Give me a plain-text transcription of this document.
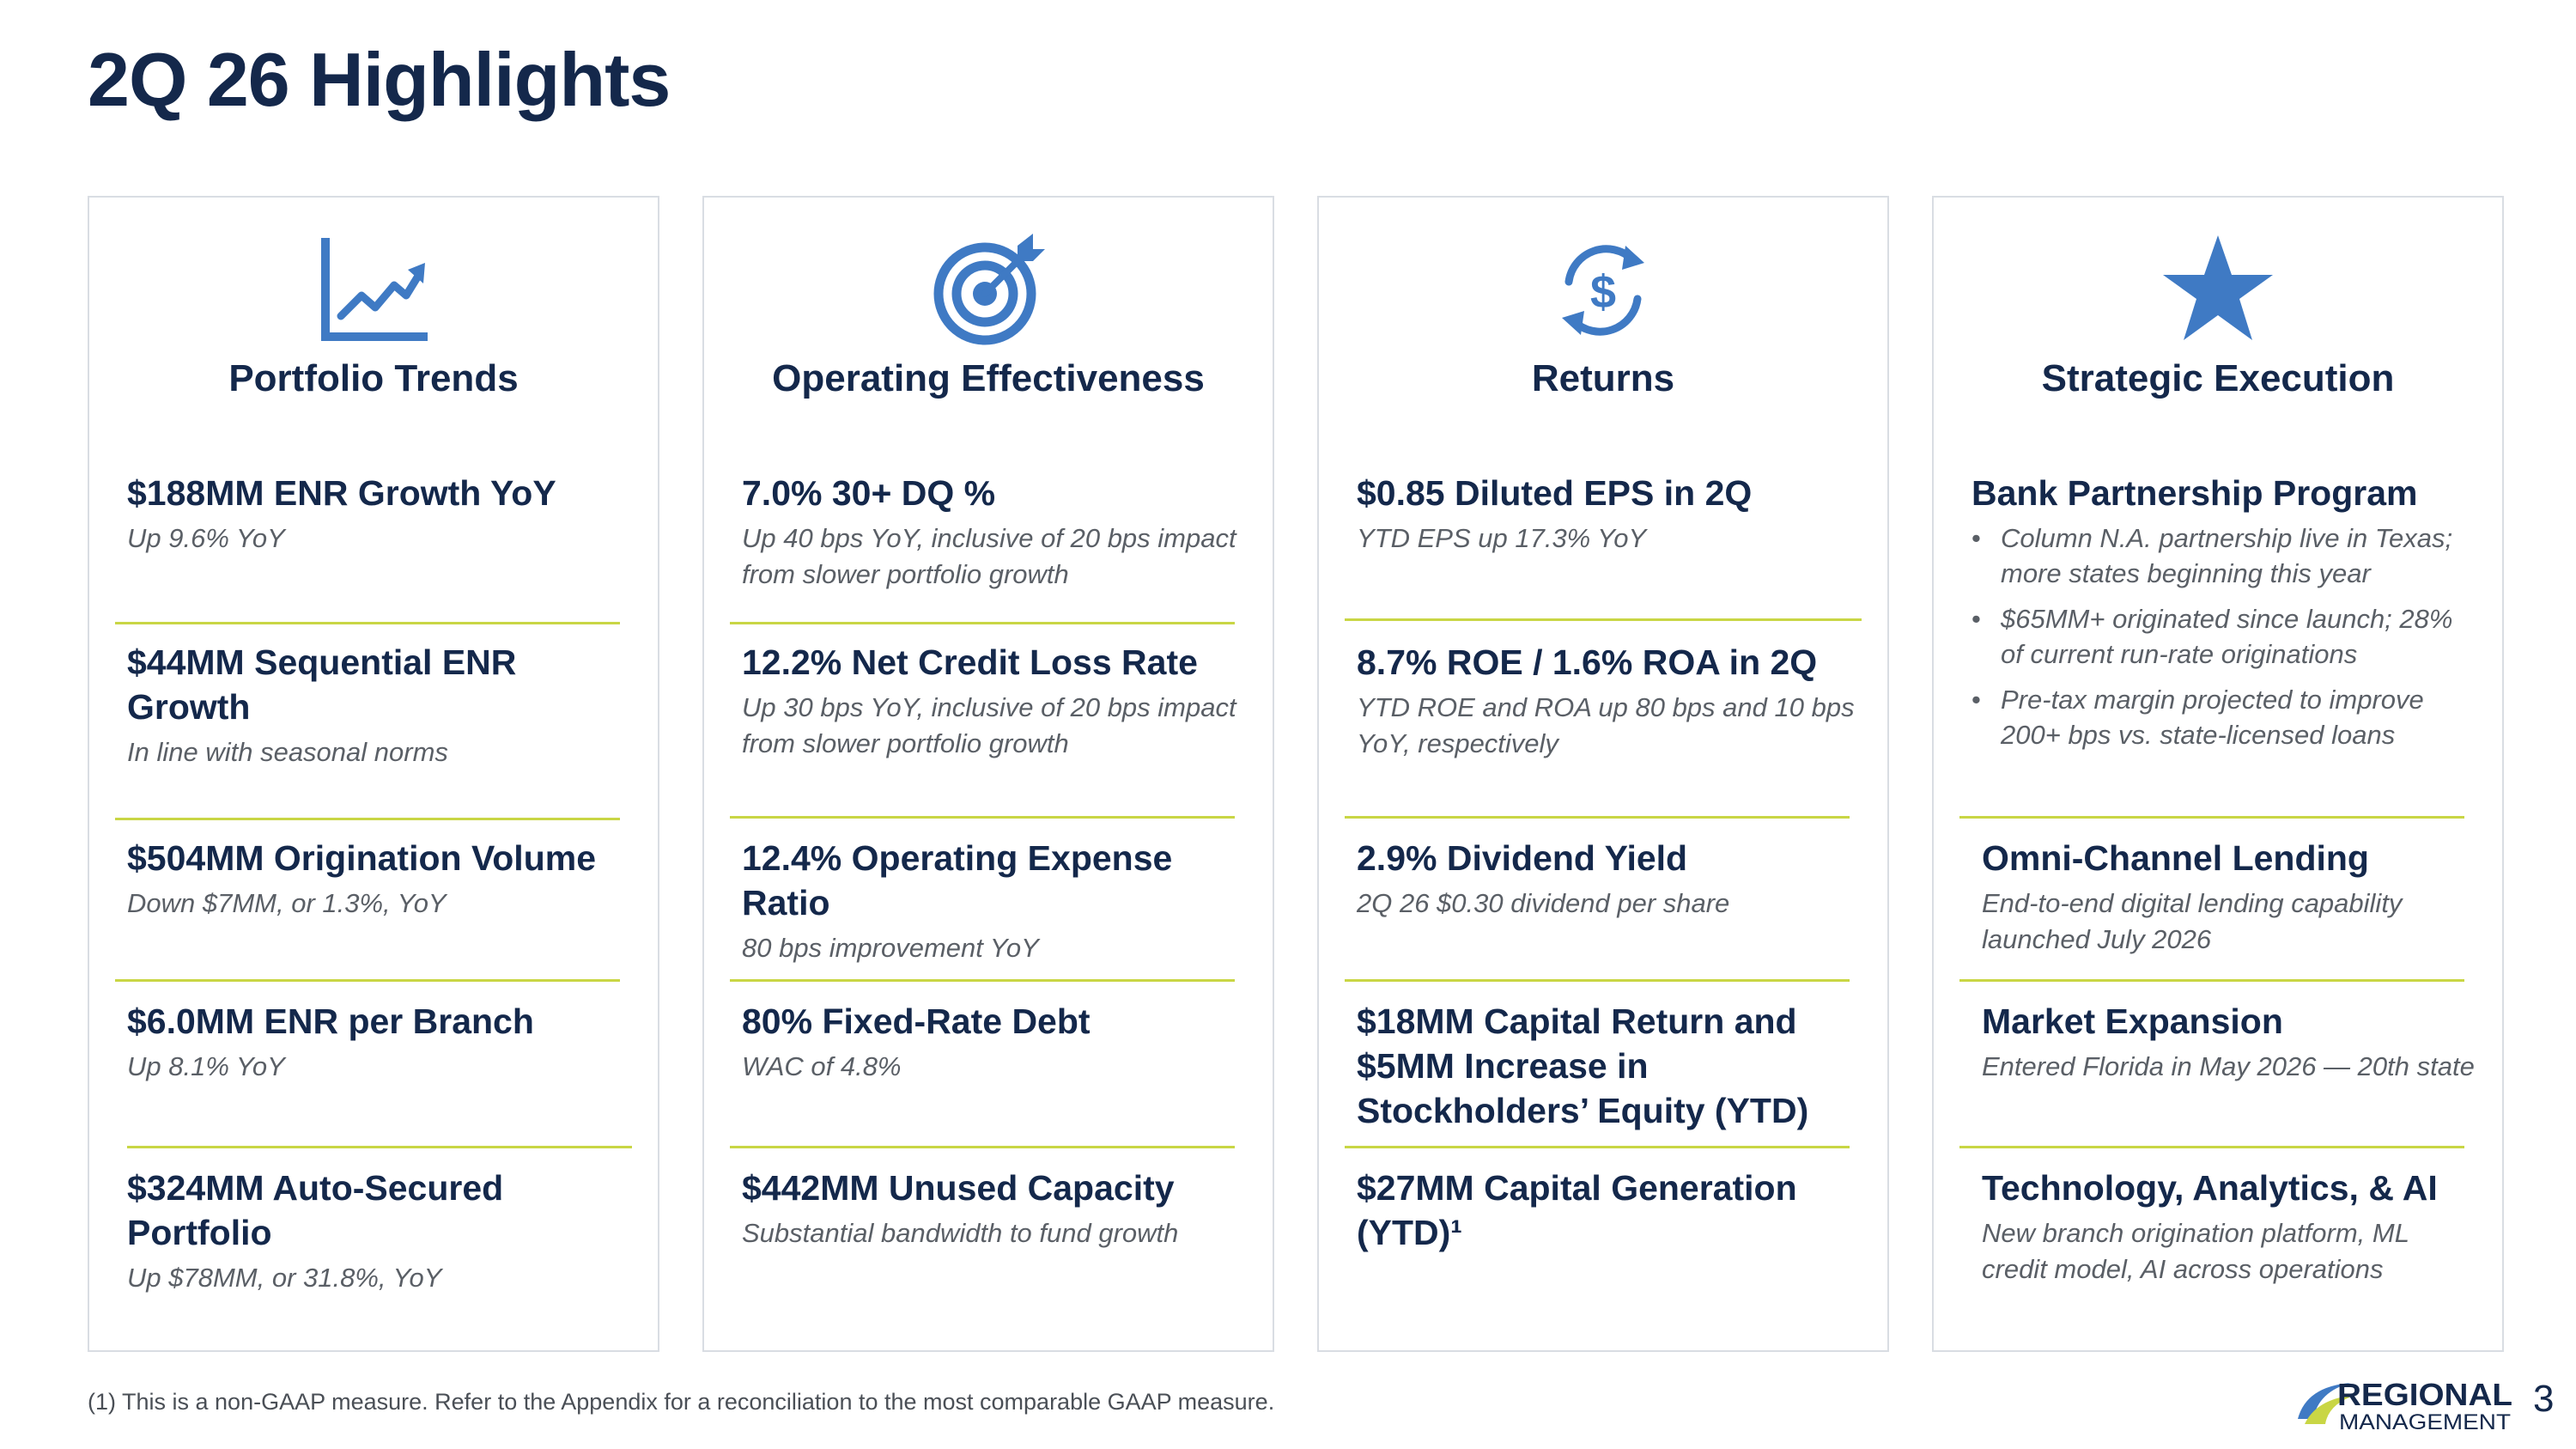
2Q 26 Highlights
Portfolio Trends
$188MM ENR Growth YoY
Up 9.6% YoY
$44MM Sequential ENR Growth
In line with seasonal norms
$504MM Origination Volume
Down $7MM, or 1.3%, YoY
$6.0MM ENR per Branch
Up 8.1% YoY
$324MM Auto-Secured Portfolio
Up $78MM, or 31.8%, YoY
Operating Effectiveness
7.0% 30+ DQ %
Up 40 bps YoY, inclusive of 20 bps impact from slower portfolio growth
12.2% Net Credit Loss Rate
Up 30 bps YoY, inclusive of 20 bps impact from slower portfolio growth
12.4% Operating Expense Ratio
80 bps improvement YoY
80% Fixed-Rate Debt
WAC of 4.8%
$442MM Unused Capacity
Substantial bandwidth to fund growth
$
Returns
$0.85 Diluted EPS in 2Q
YTD EPS up 17.3% YoY
8.7% ROE / 1.6% ROA in 2Q
YTD ROE and ROA up 80 bps and 10 bps YoY, respectively
2.9% Dividend Yield
2Q 26 $0.30 dividend per share
$18MM Capital Return and $5MM Increase in Stockholders’ Equity (YTD)
$27MM Capital Generation (YTD)¹
Strategic Execution
Bank Partnership Program
• Column N.A. partnership live in Texas; more states beginning this year
• $65MM+ originated since launch; 28% of current run-rate originations
• Pre-tax margin projected to improve 200+ bps vs. state-licensed loans
Omni-Channel Lending
End-to-end digital lending capability launched July 2026
Market Expansion
Entered Florida in May 2026 — 20th state
Technology, Analytics, & AI
New branch origination platform, ML credit model, AI across operations
(1) This is a non-GAAP measure. Refer to the Appendix for a reconciliation to the most comparable GAAP measure.	REGIONAL
MANAGEMENT
3
